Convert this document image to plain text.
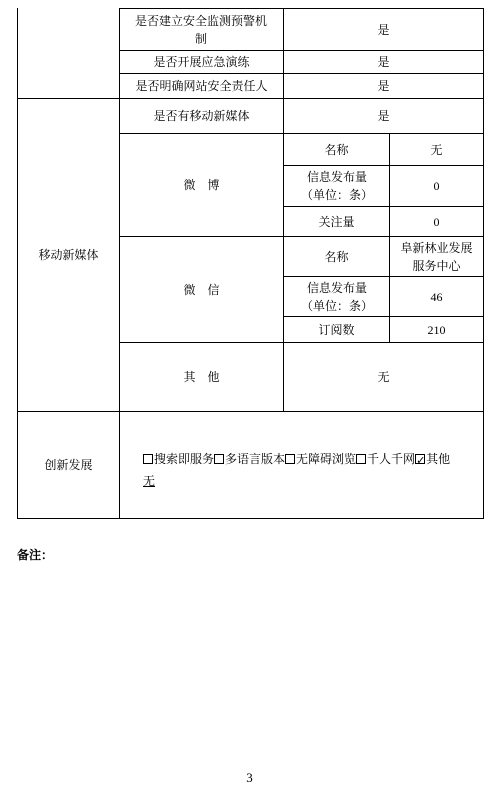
是否建立安全监测预警机制
是
是否开展应急演练	是
是否明确网站安全责任人	是
移动新媒体
是否有移动新媒体	是
微　博
名称	无
信息发布量（单位：条）
0
关注量	0
微　信
名称
阜新林业发展服务中心
信息发布量（单位：条）
46
订阅数	210
其　他	无
创新发展	搜索即服务 多语言版本 无障碍浏览 千人千网✓ 其他
无
备注：
3
